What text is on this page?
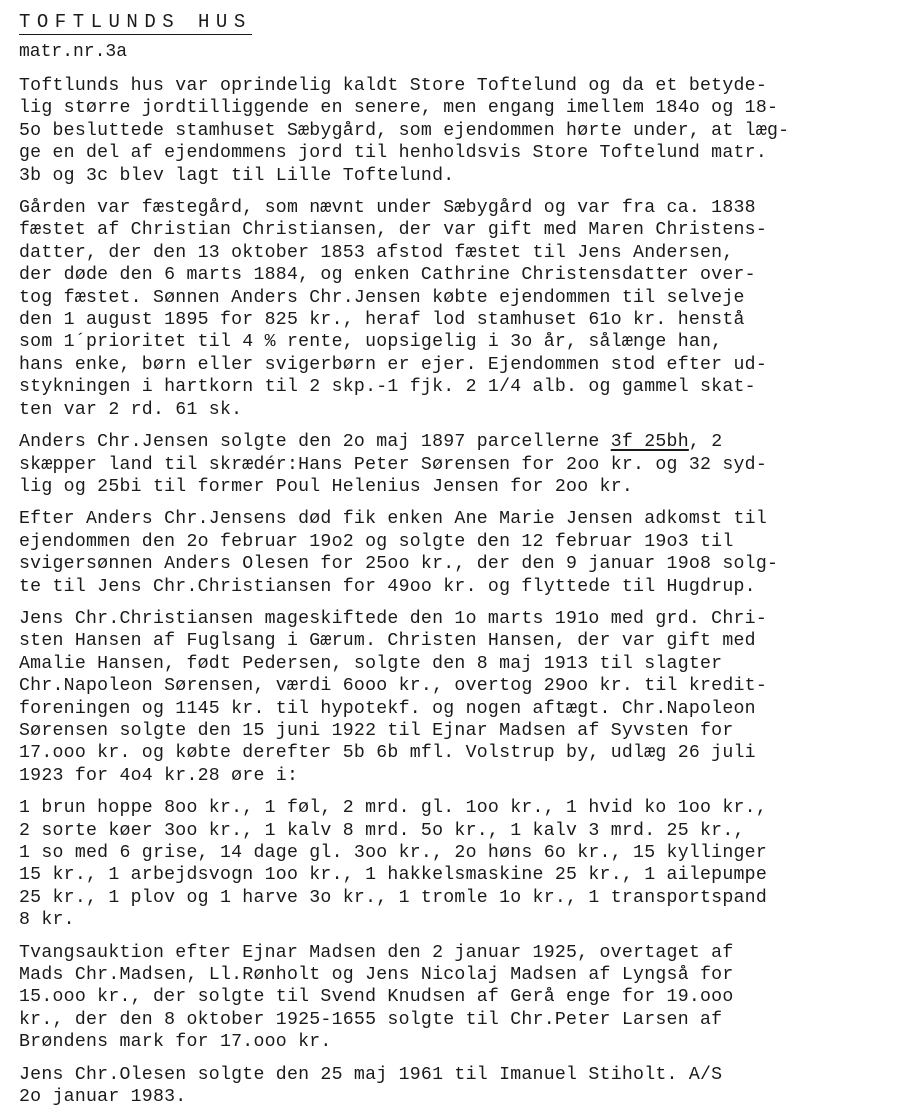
TOFTLUNDS HUS
matr.nr.3a
Toftlunds hus var oprindelig kaldt Store Toftelund og da et betyde-
lig større jordtilliggende en senere, men engang imellem 184o og 18-
5o besluttede stamhuset Sæbygård, som ejendommen hørte under, at læg-
ge en del af ejendommens jord til henholdsvis Store Toftelund matr.
3b og 3c blev lagt til Lille Toftelund.
Gården var fæstegård, som nævnt under Sæbygård og var fra ca. 1838
fæstet af Christian Christiansen, der var gift med Maren Christens-
datter, der den 13 oktober 1853 afstod fæstet til Jens Andersen,
der døde den 6 marts 1884, og enken Cathrine Christensdatter over-
tog fæstet. Sønnen Anders Chr.Jensen købte ejendommen til selveje
den 1 august 1895 for 825 kr., heraf lod stamhuset 61o kr. henstå
som 1´prioritet til 4 % rente, uopsigelig i 3o år, sålænge han,
hans enke, børn eller svigerbørn er ejer. Ejendommen stod efter ud-
stykningen i hartkorn til 2 skp.-1 fjk. 2 1/4 alb. og gammel skat-
ten var 2 rd. 61 sk.
Anders Chr.Jensen solgte den 2o maj 1897 parcellerne 3f 25bh, 2
skæpper land til skrædér:Hans Peter Sørensen for 2oo kr. og 32 syd-
lig og 25bi til former Poul Helenius Jensen for 2oo kr.
Efter Anders Chr.Jensens død fik enken Ane Marie Jensen adkomst til
ejendommen den 2o februar 19o2 og solgte den 12 februar 19o3 til
svigersønnen Anders Olesen for 25oo kr., der den 9 januar 19o8 solg-
te til Jens Chr.Christiansen for 49oo kr. og flyttede til Hugdrup.
Jens Chr.Christiansen mageskiftede den 1o marts 191o med grd. Chri-
sten Hansen af Fuglsang i Gærum. Christen Hansen, der var gift med
Amalie Hansen, født Pedersen, solgte den 8 maj 1913 til slagter
Chr.Napoleon Sørensen, værdi 6ooo kr., overtog 29oo kr. til kredit-
foreningen og 1145 kr. til hypotekf. og nogen aftægt. Chr.Napoleon
Sørensen solgte den 15 juni 1922 til Ejnar Madsen af Syvsten for
17.ooo kr. og købte derefter 5b 6b mfl. Volstrup by, udlæg 26 juli
1923 for 4o4 kr.28 øre i:
1 brun hoppe 8oo kr., 1 føl, 2 mrd. gl. 1oo kr., 1 hvid ko 1oo kr.,
2 sorte køer 3oo kr., 1 kalv 8 mrd. 5o kr., 1 kalv 3 mrd. 25 kr.,
1 so med 6 grise, 14 dage gl. 3oo kr., 2o høns 6o kr., 15 kyllinger
15 kr., 1 arbejdsvogn 1oo kr., 1 hakkelsmaskine 25 kr., 1 ailepumpe
25 kr., 1 plov og 1 harve 3o kr., 1 tromle 1o kr., 1 transportspand
8 kr.
Tvangsauktion efter Ejnar Madsen den 2 januar 1925, overtaget af
Mads Chr.Madsen, Ll.Rønholt og Jens Nicolaj Madsen af Lyngså for
15.ooo kr., der solgte til Svend Knudsen af Gerå enge for 19.ooo
kr., der den 8 oktober 1925-1655 solgte til Chr.Peter Larsen af
Brøndens mark for 17.ooo kr.
Jens Chr.Olesen solgte den 25 maj 1961 til Imanuel Stiholt. A/S
2o januar 1983.
